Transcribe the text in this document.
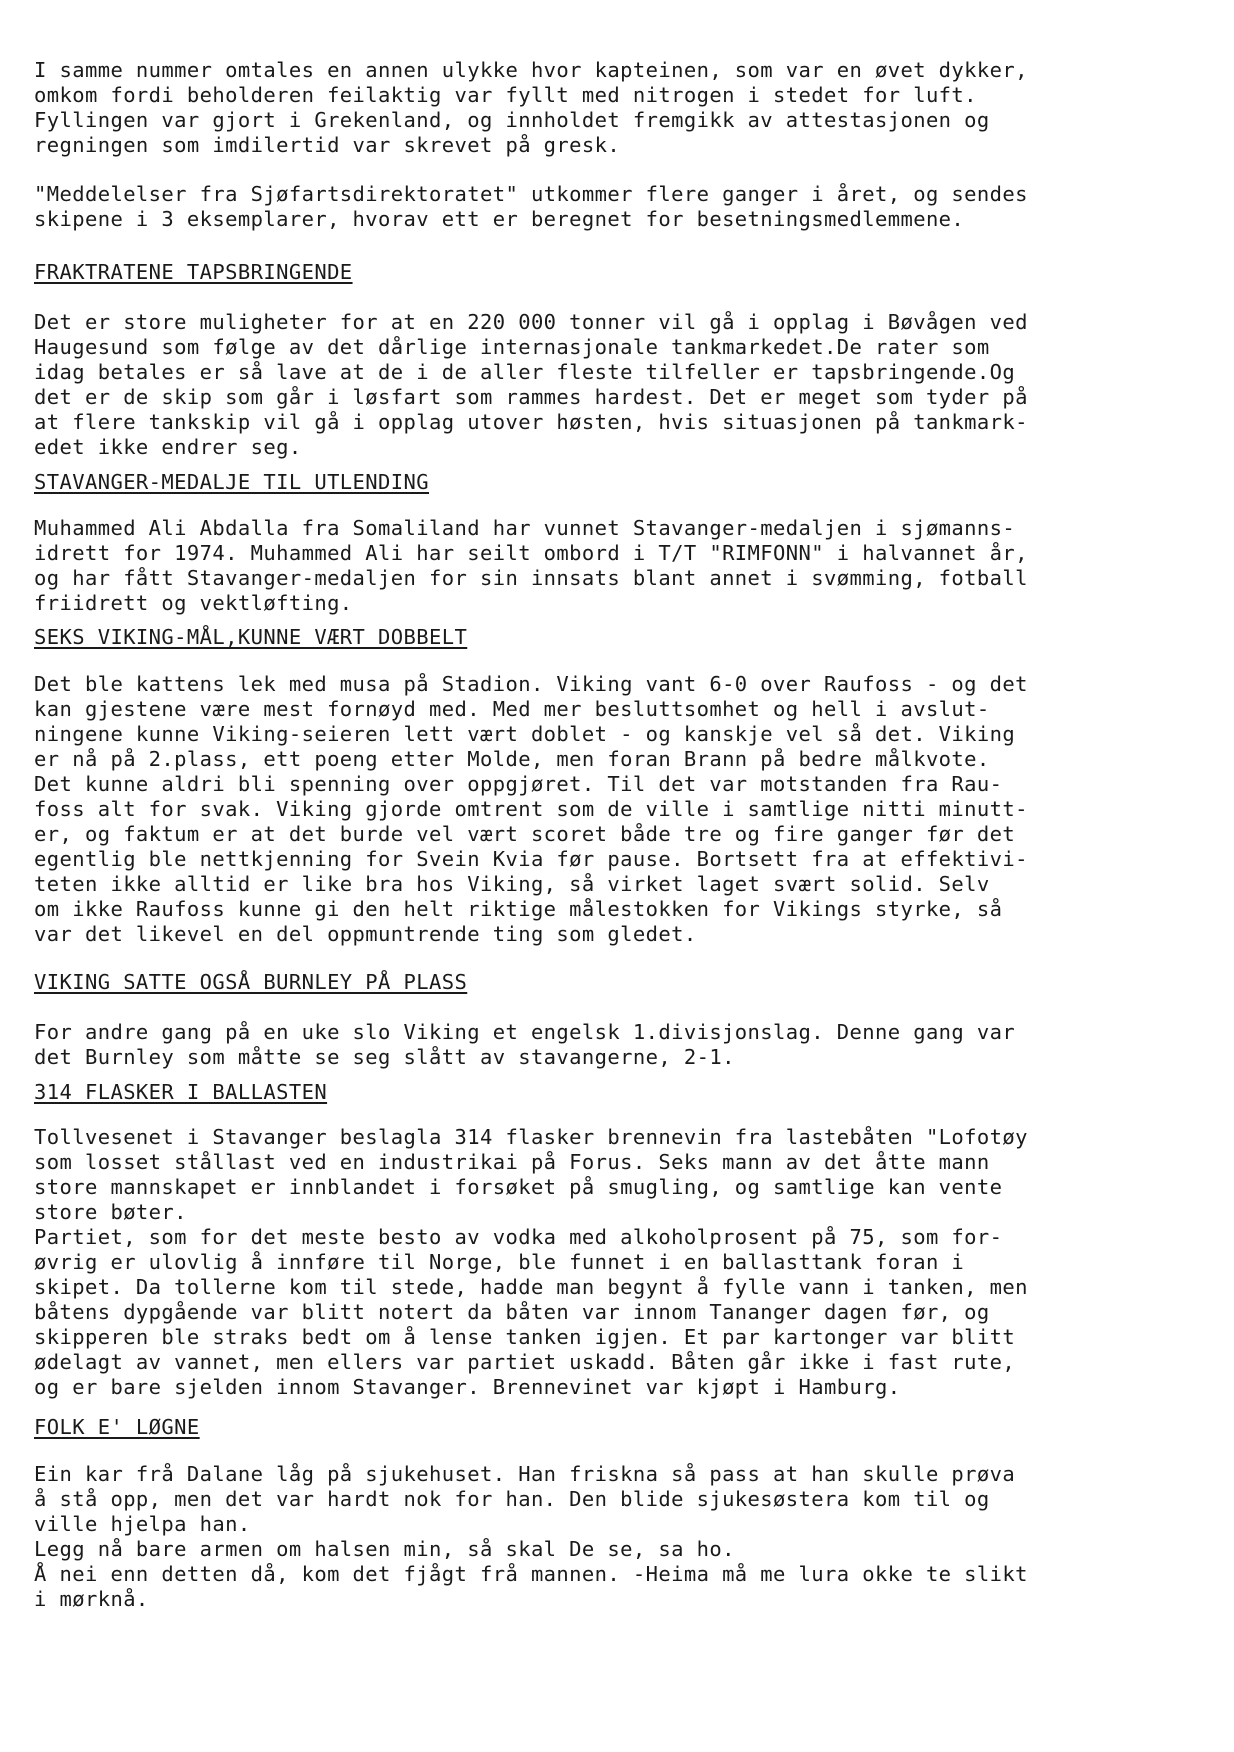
I samme nummer omtales en annen ulykke hvor kapteinen, som var en øvet dykker,
omkom fordi beholderen feilaktig var fyllt med nitrogen i stedet for luft.
Fyllingen var gjort i Grekenland, og innholdet fremgikk av attestasjonen og
regningen som imdilertid var skrevet på gresk.
"Meddelelser fra Sjøfartsdirektoratet" utkommer flere ganger i året, og sendes
skipene i 3 eksemplarer, hvorav ett er beregnet for besetningsmedlemmene.
FRAKTRATENE TAPSBRINGENDE
Det er store muligheter for at en 220 000 tonner vil gå i opplag i Bøvågen ved
Haugesund som følge av det dårlige internasjonale tankmarkedet.De rater som
idag betales er så lave at de i de aller fleste tilfeller er tapsbringende.Og
det er de skip som går i løsfart som rammes hardest. Det er meget som tyder på
at flere tankskip vil gå i opplag utover høsten, hvis situasjonen på tankmark-
edet ikke endrer seg.
STAVANGER-MEDALJE TIL UTLENDING
Muhammed Ali Abdalla fra Somaliland har vunnet Stavanger-medaljen i sjømanns-
idrett for 1974. Muhammed Ali har seilt ombord i T/T "RIMFONN" i halvannet år,
og har fått Stavanger-medaljen for sin innsats blant annet i svømming, fotball
friidrett og vektløfting.
SEKS VIKING-MÅL,KUNNE VÆRT DOBBELT
Det ble kattens lek med musa på Stadion. Viking vant 6-0 over Raufoss - og det
kan gjestene være mest fornøyd med. Med mer besluttsomhet og hell i avslut-
ningene kunne Viking-seieren lett vært doblet - og kanskje vel så det. Viking
er nå på 2.plass, ett poeng etter Molde, men foran Brann på bedre målkvote.
Det kunne aldri bli spenning over oppgjøret. Til det var motstanden fra Rau-
foss alt for svak. Viking gjorde omtrent som de ville i samtlige nitti minutt-
er, og faktum er at det burde vel vært scoret både tre og fire ganger før det
egentlig ble nettkjenning for Svein Kvia før pause. Bortsett fra at effektivi-
teten ikke alltid er like bra hos Viking, så virket laget svært solid. Selv
om ikke Raufoss kunne gi den helt riktige målestokken for Vikings styrke, så
var det likevel en del oppmuntrende ting som gledet.
VIKING SATTE OGSÅ BURNLEY PÅ PLASS
For andre gang på en uke slo Viking et engelsk 1.divisjonslag. Denne gang var
det Burnley som måtte se seg slått av stavangerne, 2-1.
314 FLASKER I BALLASTEN
Tollvesenet i Stavanger beslagla 314 flasker brennevin fra lastebåten "Lofotøy
som losset stållast ved en industrikai på Forus. Seks mann av det åtte mann
store mannskapet er innblandet i forsøket på smugling, og samtlige kan vente
store bøter.
Partiet, som for det meste besto av vodka med alkoholprosent på 75, som for-
øvrig er ulovlig å innføre til Norge, ble funnet i en ballasttank foran i
skipet. Da tollerne kom til stede, hadde man begynt å fylle vann i tanken, men
båtens dypgående var blitt notert da båten var innom Tananger dagen før, og
skipperen ble straks bedt om å lense tanken igjen. Et par kartonger var blitt
ødelagt av vannet, men ellers var partiet uskadd. Båten går ikke i fast rute,
og er bare sjelden innom Stavanger. Brennevinet var kjøpt i Hamburg.
FOLK E' LØGNE
Ein kar frå Dalane låg på sjukehuset. Han friskna så pass at han skulle prøva
å stå opp, men det var hardt nok for han. Den blide sjukesøstera kom til og
ville hjelpa han.
Legg nå bare armen om halsen min, så skal De se, sa ho.
Å nei enn detten då, kom det fjågt frå mannen. -Heima må me lura okke te slikt
i mørknå.
